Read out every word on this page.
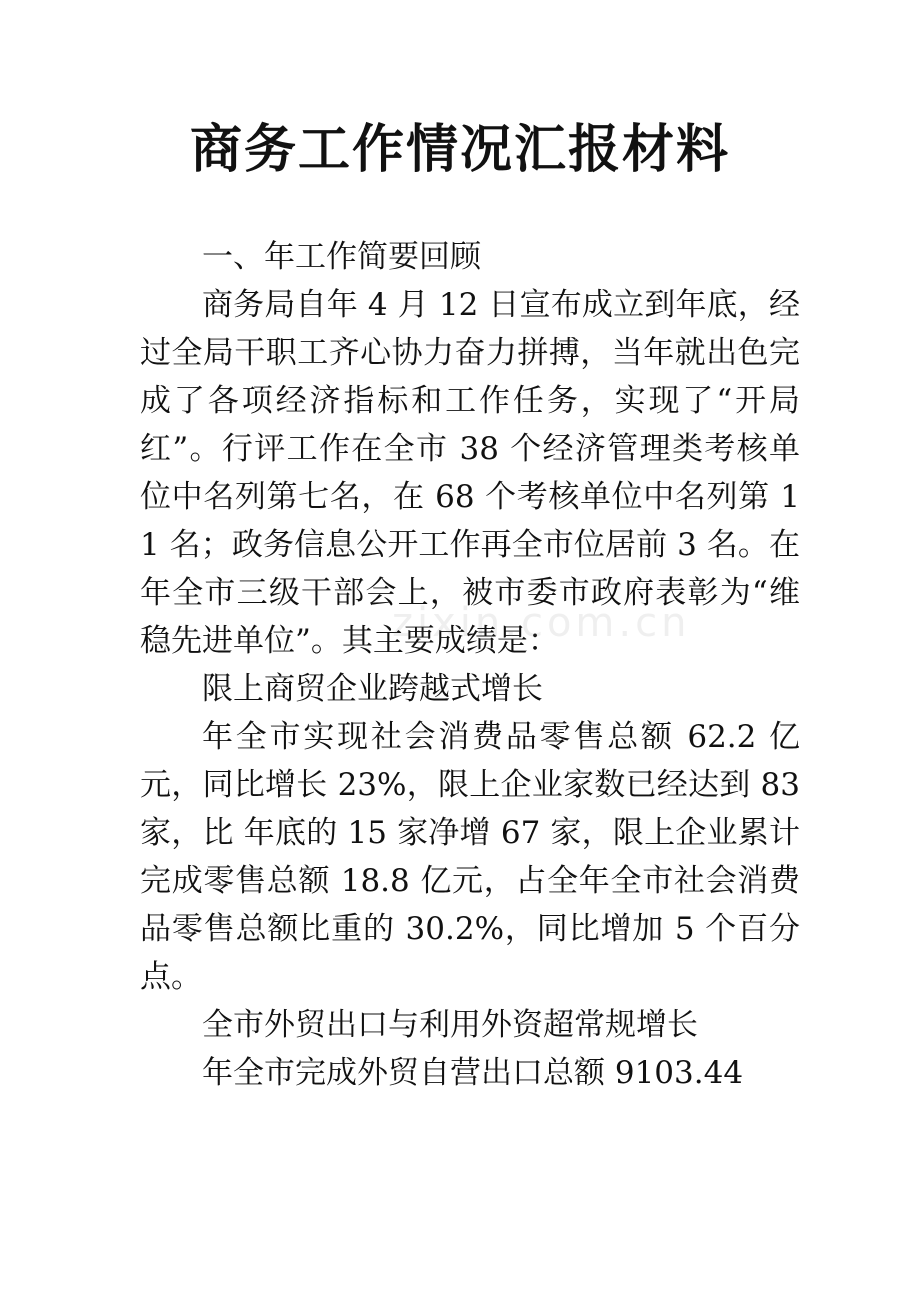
商务工作情况汇报材料

一、年工作简要回顾

商务局自年 4 月 12 日宣布成立到年底，经过全局干职工齐心协力奋力拼搏，当年就出色完成了各项经济指标和工作任务，实现了“开局红”。行评工作在全市 38 个经济管理类考核单位中名列第七名，在 68 个考核单位中名列第 11 名；政务信息公开工作再全市位居前 3 名。在年全市三级干部会上，被市委市政府表彰为“维稳先进单位”。其主要成绩是：

限上商贸企业跨越式增长

年全市实现社会消费品零售总额 62.2 亿元，同比增长 23%，限上企业家数已经达到 83 家，比 年底的 15 家净增 67 家，限上企业累计完成零售总额 18.8 亿元，占全年全市社会消费品零售总额比重的 30.2%，同比增加 5 个百分点。

全市外贸出口与利用外资超常规增长

年全市完成外贸自营出口总额 9103.44

zixin.com.cn
